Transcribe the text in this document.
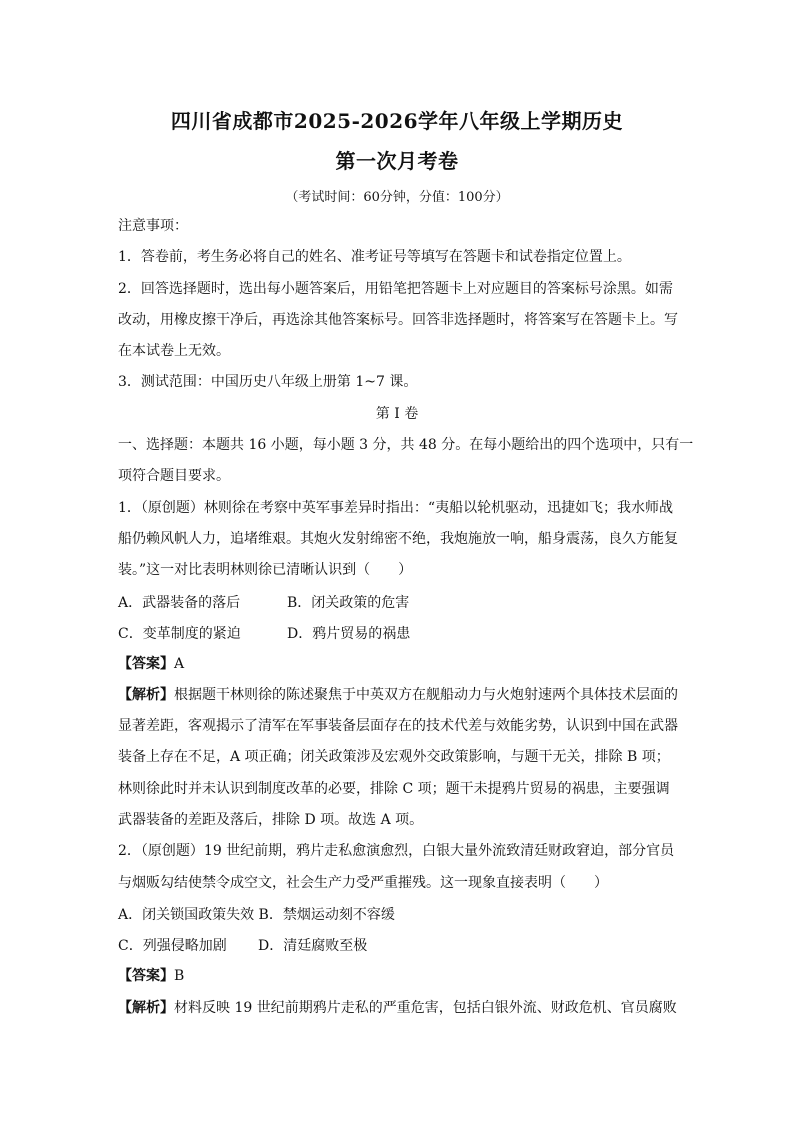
四川省成都市2025-2026学年八年级上学期历史
第一次月考卷
（考试时间：60分钟，分值：100分）
注意事项：
1．答卷前，考生务必将自己的姓名、准考证号等填写在答题卡和试卷指定位置上。
2．回答选择题时，选出每小题答案后，用铅笔把答题卡上对应题目的答案标号涂黑。如需
改动，用橡皮擦干净后，再选涂其他答案标号。回答非选择题时，将答案写在答题卡上。写
在本试卷上无效。
3．测试范围：中国历史八年级上册第 1~7 课。
第 I 卷
一、选择题：本题共 16 小题，每小题 3 分，共 48 分。在每小题给出的四个选项中，只有一
项符合题目要求。
1．（原创题）林则徐在考察中英军事差异时指出：“夷船以轮机驱动，迅捷如飞；我水师战
船仍赖风帆人力，追堵维艰。其炮火发射绵密不绝，我炮施放一响，船身震荡，良久方能复
装。”这一对比表明林则徐已清晰认识到（　　）
A．武器装备的落后	B．闭关政策的危害
C．变革制度的紧迫	D．鸦片贸易的祸患
【答案】A
【解析】根据题干林则徐的陈述聚焦于中英双方在舰船动力与火炮射速两个具体技术层面的
显著差距，客观揭示了清军在军事装备层面存在的技术代差与效能劣势，认识到中国在武器
装备上存在不足，A 项正确；闭关政策涉及宏观外交政策影响，与题干无关，排除 B 项；
林则徐此时并未认识到制度改革的必要，排除 C 项；题干未提鸦片贸易的祸患，主要强调
武器装备的差距及落后，排除 D 项。故选 A 项。
2．（原创题）19 世纪前期，鸦片走私愈演愈烈，白银大量外流致清廷财政窘迫，部分官员
与烟贩勾结使禁令成空文，社会生产力受严重摧残。这一现象直接表明（　　）
A．闭关锁国政策失效 B．禁烟运动刻不容缓
C．列强侵略加剧 D．清廷腐败至极
【答案】B
【解析】材料反映 19 世纪前期鸦片走私的严重危害，包括白银外流、财政危机、官员腐败
